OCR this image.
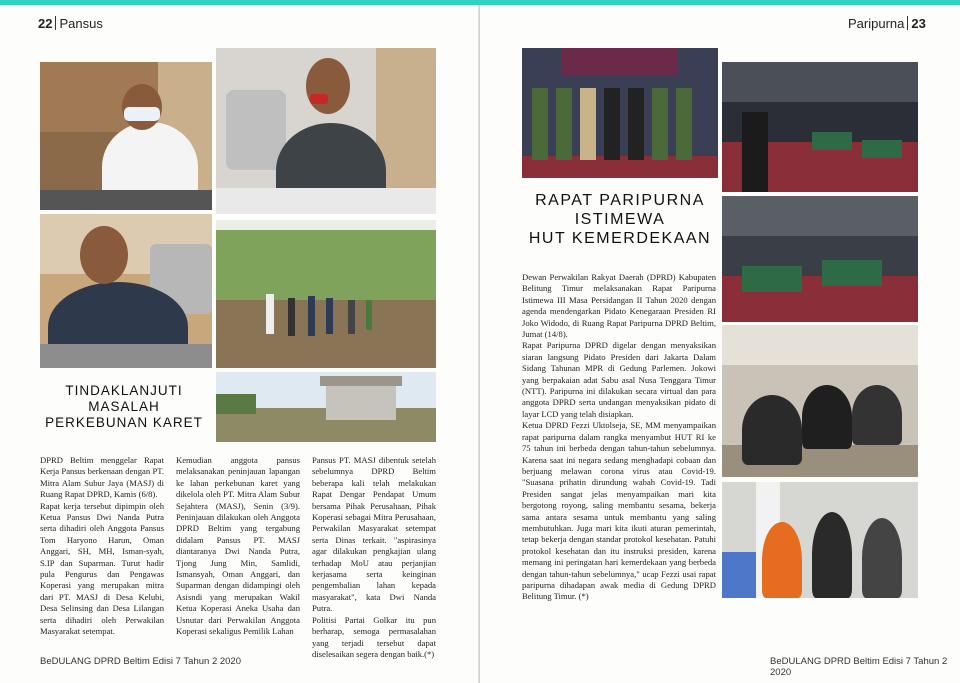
22 Pansus
TINDAKLANJUTI
MASALAH
PERKEBUNAN KARET

DPRD Beltim menggelar Rapat Kerja Pansus berkenaan dengan PT. Mitra Alam Subur Jaya (MASJ) di Ruang Rapat DPRD, Kamis (6/8).

Rapat kerja tersebut dipimpin oleh Ketua Pansus Dwi Nanda Putra serta dihadiri oleh Anggota Pansus Tom Haryono Harun, Oman Anggari, SH, MH, Isman-syah, S.IP dan Suparman. Turut hadir pula Pengurus dan Pengawas Koperasi yang merupakan mitra dari PT. MASJ di Desa Kelubi, Desa Selinsing dan Desa Lilangan serta dihadiri oleh Perwakilan Masyarakat setempat.

Kemudian anggota pansus melaksanakan peninjauan lapangan ke lahan perkebunan karet yang dikelola oleh PT. Mitra Alam Subur Sejahtera (MASJ), Senin (3/9). Peninjauan dilakukan oleh Anggota DPRD Beltim yang tergabung didalam Pansus PT. MASJ diantaranya Dwi Nanda Putra, Tjong Jung Min, Samlidi, Ismansyah, Oman Anggari, dan Suparman dengan didampingi oleh Asisndi yang merupakan Wakil Ketua Koperasi Aneka Usaha dan Usnutar dari Perwakilan Anggota Koperasi sekaligus Pemilik Lahan

Pansus PT. MASJ dibentuk setelah sebelumnya DPRD Beltim beberapa kali telah melakukan Rapat Dengar Pendapat Umum bersama Pihak Perusahaan, Pihak Koperasi sebagai Mitra Perusahaan, Perwakilan Masyarakat setempat serta Dinas terkait. "aspirasinya agar dilakukan pengkajian ulang terhadap MoU atau perjanjian kerjasama serta keinginan pengembalian lahan kepada masyarakat", kata Dwi Nanda Putra.

Politisi Partai Golkar itu pun berharap, semoga permasalahan yang terjadi tersebut dapat diselesaikan segera dengan baik.(*)

BeDULANG DPRD Beltim Edisi 7 Tahun 2 2020
Paripurna 23
RAPAT PARIPURNA
ISTIMEWA
HUT KEMERDEKAAN

Dewan Perwakilan Rakyat Daerah (DPRD) Kabupaten Belitung Timur melaksanakan Rapat Paripurna Istimewa III Masa Persidangan II Tahun 2020 dengan agenda mendengarkan Pidato Kenegaraan Presiden RI Joko Widodo, di Ruang Rapat Paripurna DPRD Beltim, Jumat (14/8).

Rapat Paripurna DPRD digelar dengan menyaksikan siaran langsung Pidato Presiden dari Jakarta Dalam Sidang Tahunan MPR di Gedung Parlemen. Jokowi yang berpakaian adat Sabu asal Nusa Tenggara Timur (NTT). Paripurna ini dilakukan secara virtual dan para anggota DPRD serta undangan menyaksikan pidato di layar LCD yang telah disiapkan.

Ketua DPRD Fezzi Uktolseja, SE, MM menyampaikan rapat paripurna dalam rangka menyambut HUT RI ke 75 tahun ini berbeda dengan tahun-tahun sebelumnya. Karena saat ini negara sedang menghadapi cobaan dan berjuang melawan corona virus atau Covid-19. "Suasana prihatin dirundung wabah Covid-19. Tadi Presiden sangat jelas menyampaikan mari kita bergotong royong, saling membantu sesama, bekerja sama antara sesama untuk membantu yang saling membutuhkan. Juga mari kita ikuti aturan pemerintah, tetap bekerja dengan standar protokol kesehatan. Patuhi protokol kesehatan dan itu instruksi presiden, karena memang ini peringatan hari kemerdekaan yang berbeda dengan tahun-tahun sebelumnya," ucap Fezzi usai rapat paripurna dihadapan awak media di Gedung DPRD Belitung Timur. (*)

BeDULANG DPRD Beltim Edisi 7 Tahun 2 2020
